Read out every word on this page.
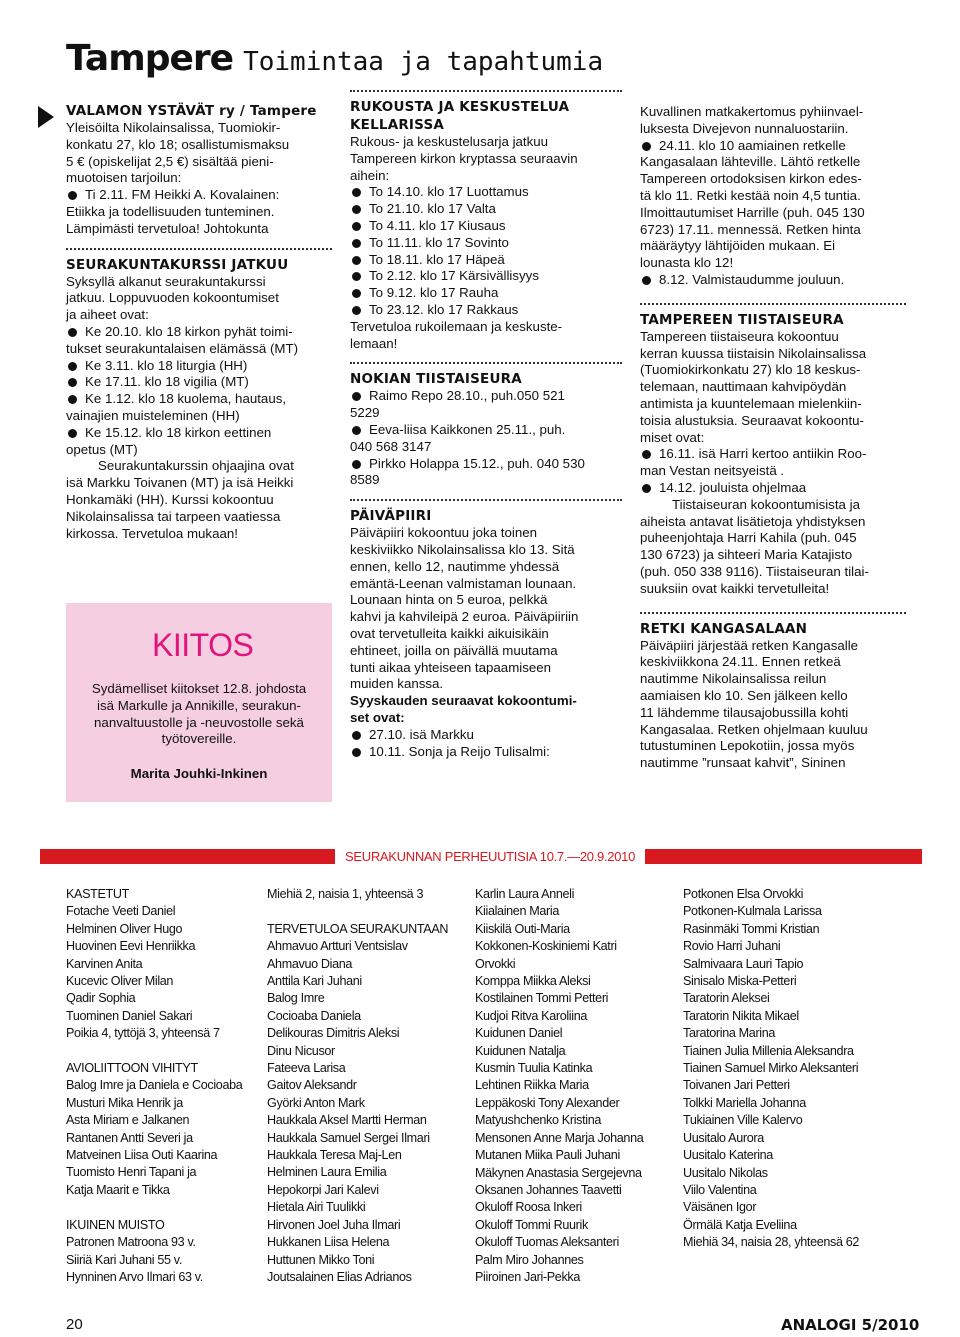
Tampere Toimintaa ja tapahtumia
VALAMON YSTÄVÄT ry / Tampere
Yleisöilta Nikolainsalissa, Tuomiokir-
konkatu 27, klo 18; osallistumismaksu
5 € (opiskelijat 2,5 €) sisältää pieni-
muotoisen tarjoilun:
Ti 2.11. FM Heikki A. Kovalainen:
Etiikka ja todellisuuden tunteminen.
Lämpimästi tervetuloa! Johtokunta
SEURAKUNTAKURSSI JATKUU
Syksyllä alkanut seurakuntakurssi
jatkuu. Loppuvuoden kokoontumiset
ja aiheet ovat:
Ke 20.10. klo 18 kirkon pyhät toimi-
tukset seurakuntalaisen elämässä (MT)
Ke 3.11. klo 18 liturgia (HH)
Ke 17.11. klo 18 vigilia (MT)
Ke 1.12. klo 18 kuolema, hautaus,
vainajien muisteleminen (HH)
Ke 15.12. klo 18 kirkon eettinen
opetus (MT)
Seurakuntakurssin ohjaajina ovat
isä Markku Toivanen (MT) ja isä Heikki
Honkamäki (HH). Kurssi kokoontuu
Nikolainsalissa tai tarpeen vaatiessa
kirkossa. Tervetuloa mukaan!
KIITOS
Sydämelliset kiitokset 12.8. johdosta
isä Markulle ja Annikille, seurakun-
nanvaltuustolle ja -neuvostolle sekä
työtovereille.
Marita Jouhki-Inkinen
RUKOUSTA JA KESKUSTELUA
KELLARISSA
Rukous- ja keskustelusarja jatkuu
Tampereen kirkon kryptassa seuraavin
aihein:
To 14.10. klo 17 Luottamus
To 21.10. klo 17 Valta
To 4.11. klo 17 Kiusaus
To 11.11. klo 17 Sovinto
To 18.11. klo 17 Häpeä
To 2.12. klo 17 Kärsivällisyys
To 9.12. klo 17 Rauha
To 23.12. klo 17 Rakkaus
Tervetuloa rukoilemaan ja keskuste-
lemaan!
NOKIAN TIISTAISEURA
Raimo Repo 28.10., puh.050 521
5229
Eeva-liisa Kaikkonen 25.11., puh.
040 568 3147
Pirkko Holappa 15.12., puh. 040 530
8589
PÄIVÄPIIRI
Päiväpiiri kokoontuu joka toinen
keskiviikko Nikolainsalissa klo 13. Sitä
ennen, kello 12, nautimme yhdessä
emäntä-Leenan valmistaman lounaan.
Lounaan hinta on 5 euroa, pelkkä
kahvi ja kahvileipä 2 euroa. Päiväpiiriin
ovat tervetulleita kaikki aikuisikäin
ehtineet, joilla on päivällä muutama
tunti aikaa yhteiseen tapaamiseen
muiden kanssa.
Syyskauden seuraavat kokoontumi-
set ovat:
27.10. isä Markku
10.11. Sonja ja Reijo Tulisalmi:
Kuvallinen matkakertomus pyhiinvael-
luksesta Divejevon nunnaluostariin.
24.11. klo 10 aamiainen retkelle
Kangasalaan lähteville. Lähtö retkelle
Tampereen ortodoksisen kirkon edes-
tä klo 11. Retki kestää noin 4,5 tuntia.
Ilmoittautumiset Harrille (puh. 045 130
6723) 17.11. mennessä. Retken hinta
määräytyy lähtijöiden mukaan. Ei
lounasta klo 12!
8.12. Valmistaudumme jouluun.
TAMPEREEN TIISTAISEURA
Tampereen tiistaiseura kokoontuu
kerran kuussa tiistaisin Nikolainsalissa
(Tuomiokirkonkatu 27) klo 18 keskus-
telemaan, nauttimaan kahvipöydän
antimista ja kuuntelemaan mielenkiin-
toisia alustuksia. Seuraavat kokoontu-
miset ovat:
16.11. isä Harri kertoo antiikin Roo-
man Vestan neitsyeistä .
14.12. jouluista ohjelmaa
Tiistaiseuran kokoontumisista ja
aiheista antavat lisätietoja yhdistyksen
puheenjohtaja Harri Kahila (puh. 045
130 6723) ja sihteeri Maria Katajisto
(puh. 050 338 9116). Tiistaiseuran tilai-
suuksiin ovat kaikki tervetulleita!
RETKI KANGASALAAN
Päiväpiiri järjestää retken Kangasalle
keskiviikkona 24.11. Ennen retkeä
nautimme Nikolainsalissa reilun
aamiaisen klo 10. Sen jälkeen kello
11 lähdemme tilausajobussilla kohti
Kangasalaa. Retken ohjelmaan kuuluu
tutustuminen Lepokotiin, jossa myös
nautimme ”runsaat kahvit”, Sininen
SEURAKUNNAN PERHEUUTISIA 10.7.—20.9.2010
KASTETUT
Fotache Veeti Daniel
Helminen Oliver Hugo
Huovinen Eevi Henriikka
Karvinen Anita
Kucevic Oliver Milan
Qadir Sophia
Tuominen Daniel Sakari
Poikia 4, tyttöjä 3, yhteensä 7
AVIOLIITTOON VIHITYT
Balog Imre ja Daniela e Cocioaba
Musturi Mika Henrik ja
Asta Miriam e Jalkanen
Rantanen Antti Severi ja
Matveinen Liisa Outi Kaarina
Tuomisto Henri Tapani ja
Katja Maarit e Tikka
IKUINEN MUISTO
Patronen Matroona 93 v.
Siiriä Kari Juhani 55 v.
Hynninen Arvo Ilmari 63 v.
Miehiä 2, naisia 1, yhteensä 3
TERVETULOA SEURAKUNTAAN
Ahmavuo Artturi Ventsislav
Ahmavuo Diana
Anttila Kari Juhani
Balog Imre
Cocioaba Daniela
Delikouras Dimitris Aleksi
Dinu Nicusor
Fateeva Larisa
Gaitov Aleksandr
Györki Anton Mark
Haukkala Aksel Martti Herman
Haukkala Samuel Sergei Ilmari
Haukkala Teresa Maj-Len
Helminen Laura Emilia
Hepokorpi Jari Kalevi
Hietala Airi Tuulikki
Hirvonen Joel Juha Ilmari
Hukkanen Liisa Helena
Huttunen Mikko Toni
Joutsalainen Elias Adrianos
Karlin Laura Anneli
Kiialainen Maria
Kiiskilä Outi-Maria
Kokkonen-Koskiniemi Katri
Orvokki
Komppa Miikka Aleksi
Kostilainen Tommi Petteri
Kudjoi Ritva Karoliina
Kuidunen Daniel
Kuidunen Natalja
Kusmin Tuulia Katinka
Lehtinen Riikka Maria
Leppäkoski Tony Alexander
Matyushchenko Kristina
Mensonen Anne Marja Johanna
Mutanen Miika Pauli Juhani
Mäkynen Anastasia Sergejevna
Oksanen Johannes Taavetti
Okuloff Roosa Inkeri
Okuloff Tommi Ruurik
Okuloff Tuomas Aleksanteri
Palm Miro Johannes
Piiroinen Jari-Pekka
Potkonen Elsa Orvokki
Potkonen-Kulmala Larissa
Rasinmäki Tommi Kristian
Rovio Harri Juhani
Salmivaara Lauri Tapio
Sinisalo Miska-Petteri
Taratorin Aleksei
Taratorin Nikita Mikael
Taratorina Marina
Tiainen Julia Millenia Aleksandra
Tiainen Samuel Mirko Aleksanteri
Toivanen Jari Petteri
Tolkki Mariella Johanna
Tukiainen Ville Kalervo
Uusitalo Aurora
Uusitalo Katerina
Uusitalo Nikolas
Viilo Valentina
Väisänen Igor
Örmälä Katja Eveliina
Miehiä 34, naisia 28, yhteensä 62
20	ANALOGI 5/2010
